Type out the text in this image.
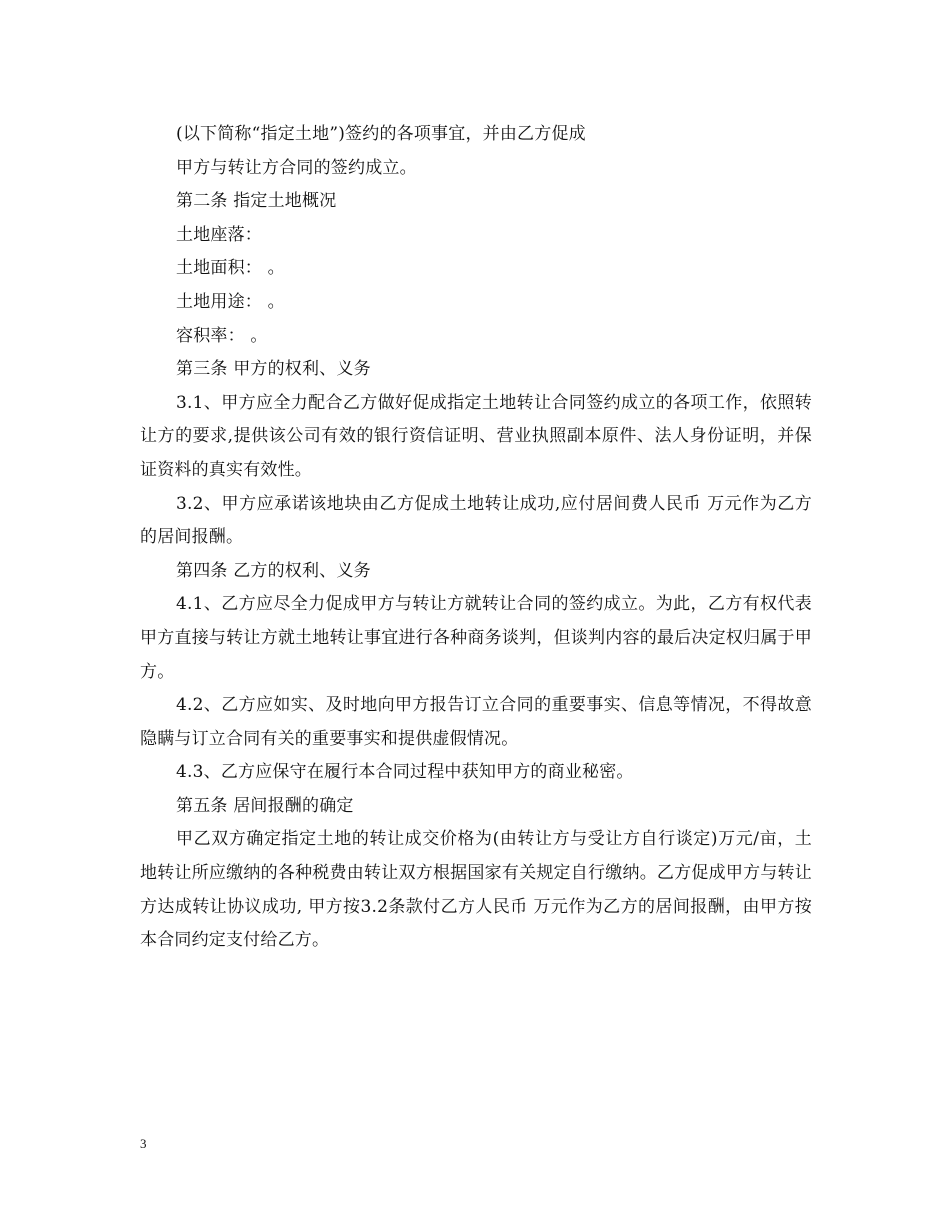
(以下简称“指定土地”)签约的各项事宜，并由乙方促成

甲方与转让方合同的签约成立。

第二条 指定土地概况

土地座落：

土地面积： 。

土地用途： 。

容积率： 。

第三条 甲方的权利、义务

3.1、甲方应全力配合乙方做好促成指定土地转让合同签约成立的各项工作，依照转让方的要求,提供该公司有效的银行资信证明、营业执照副本原件、法人身份证明，并保证资料的真实有效性。

3.2、甲方应承诺该地块由乙方促成土地转让成功,应付居间费人民币 万元作为乙方的居间报酬。

第四条 乙方的权利、义务

4.1、乙方应尽全力促成甲方与转让方就转让合同的签约成立。为此，乙方有权代表甲方直接与转让方就土地转让事宜进行各种商务谈判，但谈判内容的最后决定权归属于甲方。

4.2、乙方应如实、及时地向甲方报告订立合同的重要事实、信息等情况，不得故意隐瞒与订立合同有关的重要事实和提供虚假情况。

4.3、乙方应保守在履行本合同过程中获知甲方的商业秘密。

第五条 居间报酬的确定

甲乙双方确定指定土地的转让成交价格为(由转让方与受让方自行谈定)万元/亩，土地转让所应缴纳的各种税费由转让双方根据国家有关规定自行缴纳。乙方促成甲方与转让方达成转让协议成功, 甲方按3.2条款付乙方人民币 万元作为乙方的居间报酬，由甲方按本合同约定支付给乙方。

3
